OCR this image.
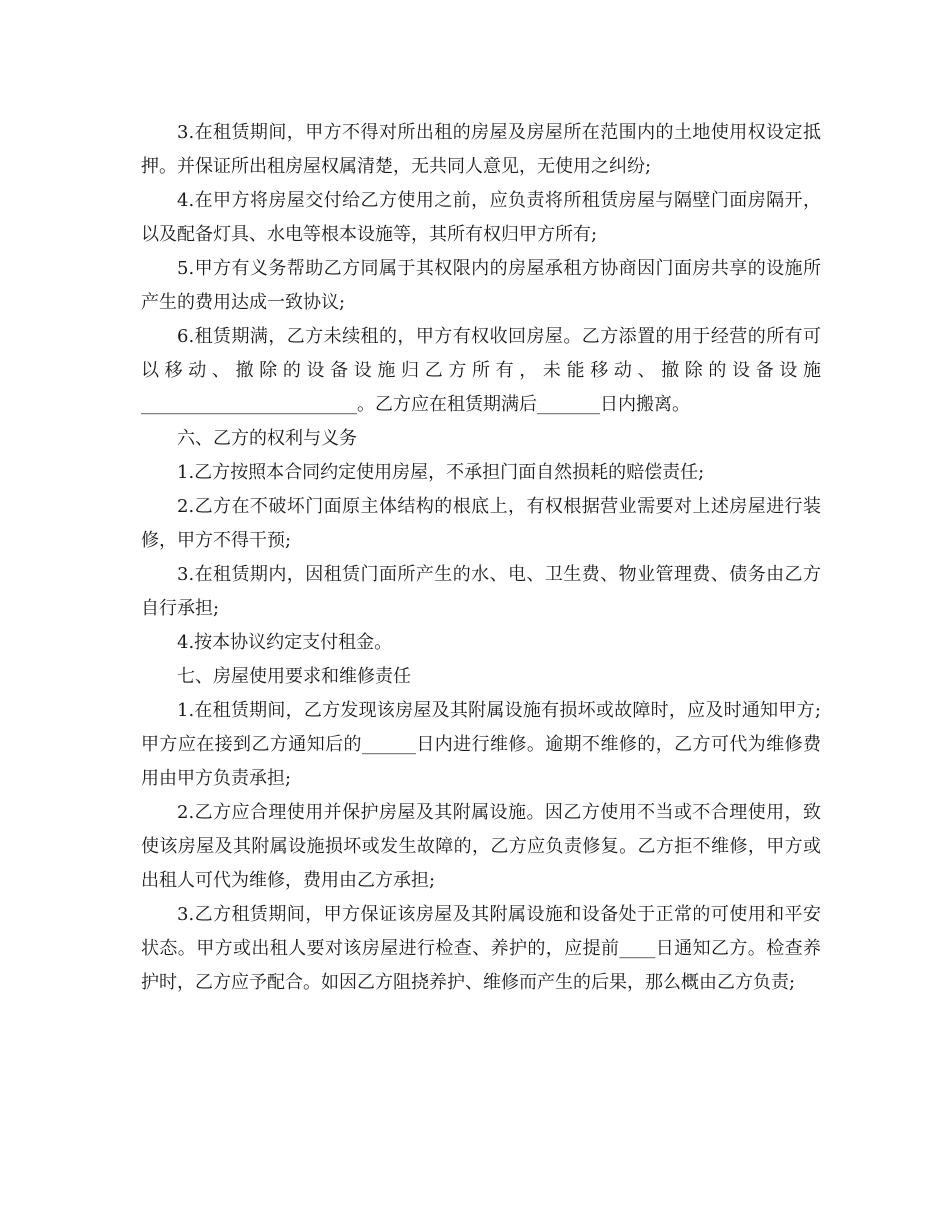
3.在租赁期间，甲方不得对所出租的房屋及房屋所在范围内的土地使用权设定抵押。并保证所出租房屋权属清楚，无共同人意见，无使用之纠纷;

4.在甲方将房屋交付给乙方使用之前，应负责将所租赁房屋与隔壁门面房隔开，以及配备灯具、水电等根本设施等，其所有权归甲方所有;

5.甲方有义务帮助乙方同属于其权限内的房屋承租方协商因门面房共享的设施所产生的费用达成一致协议;

6.租赁期满，乙方未续租的，甲方有权收回房屋。乙方添置的用于经营的所有可以移动、撤除的设备设施归乙方所有，未能移动、撤除的设备设施________________________。乙方应在租赁期满后_______日内搬离。

六、乙方的权利与义务

1.乙方按照本合同约定使用房屋，不承担门面自然损耗的赔偿责任;

2.乙方在不破坏门面原主体结构的根底上，有权根据营业需要对上述房屋进行装修，甲方不得干预;

3.在租赁期内，因租赁门面所产生的水、电、卫生费、物业管理费、债务由乙方自行承担;

4.按本协议约定支付租金。

七、房屋使用要求和维修责任

1.在租赁期间，乙方发现该房屋及其附属设施有损坏或故障时，应及时通知甲方;甲方应在接到乙方通知后的______日内进行维修。逾期不维修的，乙方可代为维修费用由甲方负责承担;

2.乙方应合理使用并保护房屋及其附属设施。因乙方使用不当或不合理使用，致使该房屋及其附属设施损坏或发生故障的，乙方应负责修复。乙方拒不维修，甲方或出租人可代为维修，费用由乙方承担;

3.乙方租赁期间，甲方保证该房屋及其附属设施和设备处于正常的可使用和平安状态。甲方或出租人要对该房屋进行检查、养护的，应提前____日通知乙方。检查养护时，乙方应予配合。如因乙方阻挠养护、维修而产生的后果，那么概由乙方负责;
